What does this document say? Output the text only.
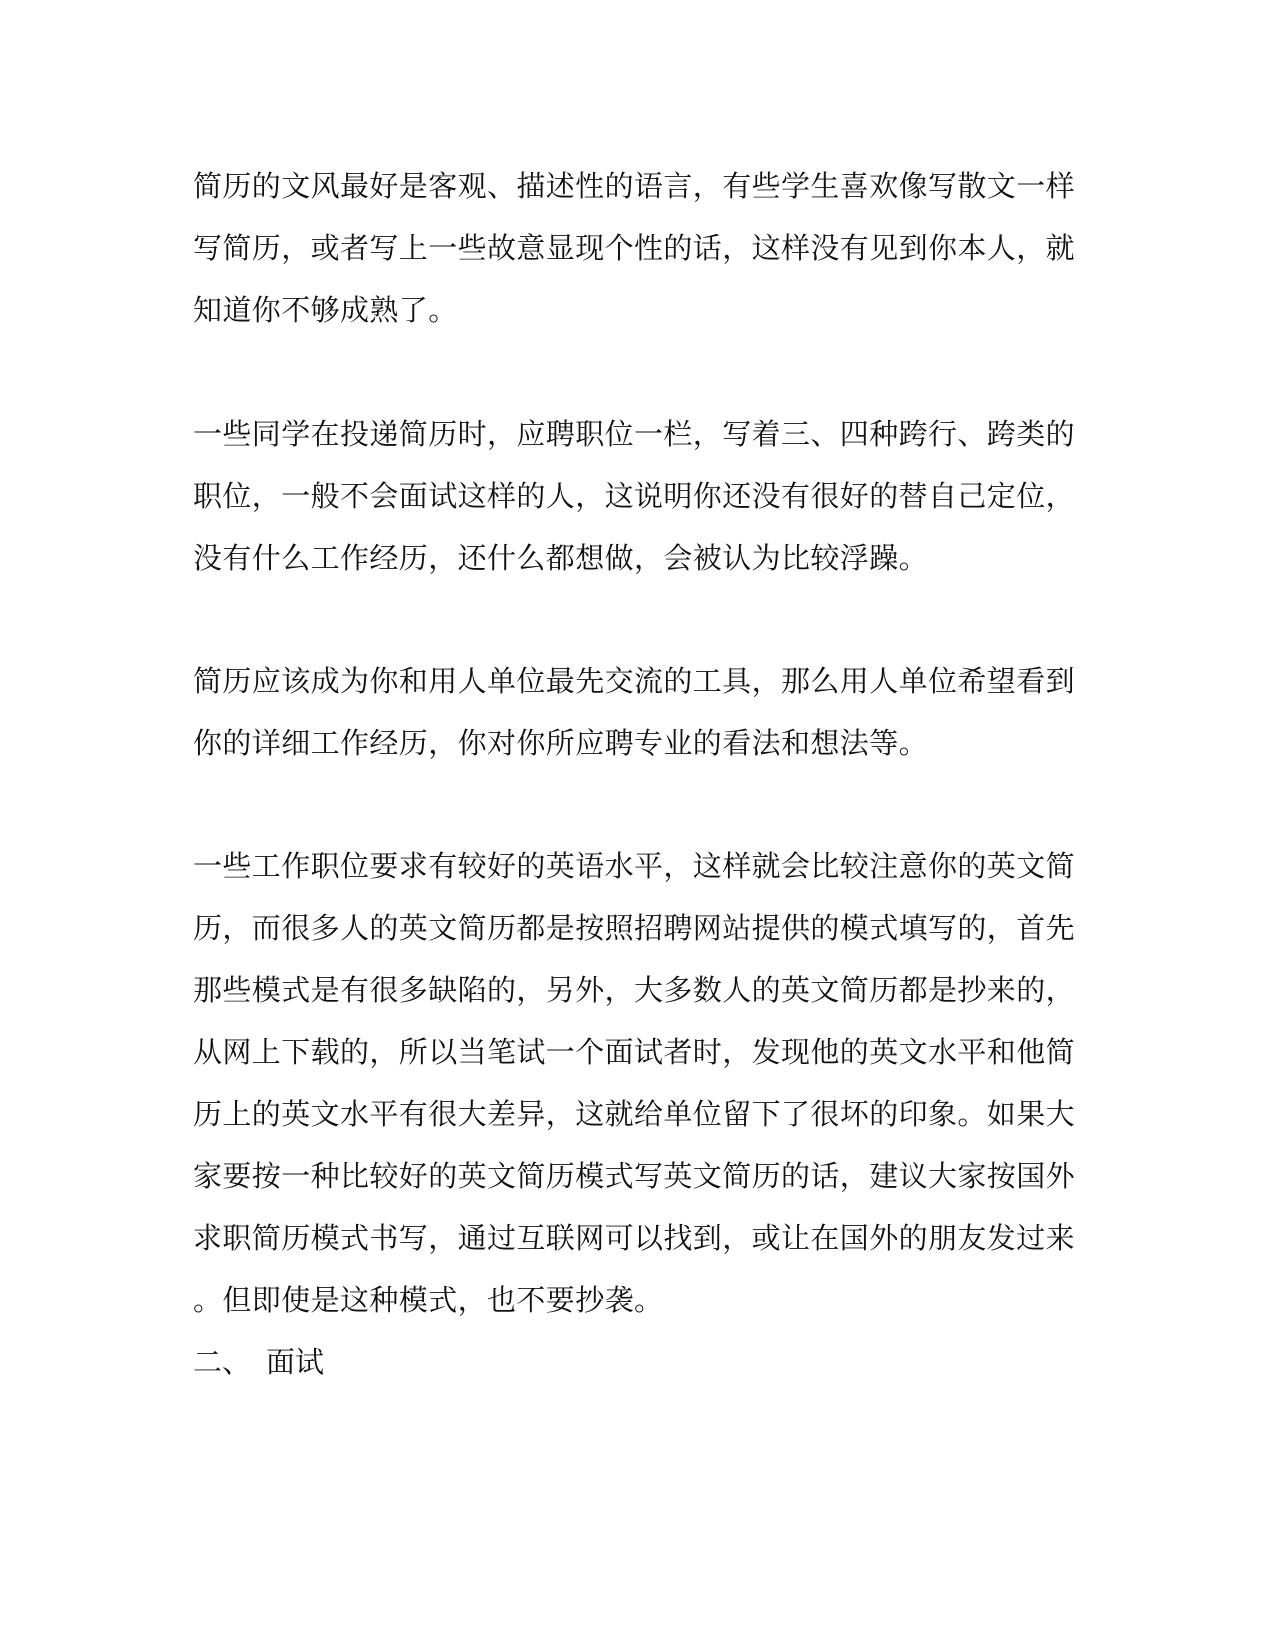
简历的文风最好是客观、描述性的语言，有些学生喜欢像写散文一样
写简历，或者写上一些故意显现个性的话，这样没有见到你本人，就
知道你不够成熟了。
一些同学在投递简历时，应聘职位一栏，写着三、四种跨行、跨类的
职位，一般不会面试这样的人，这说明你还没有很好的替自己定位，
没有什么工作经历，还什么都想做，会被认为比较浮躁。
简历应该成为你和用人单位最先交流的工具，那么用人单位希望看到
你的详细工作经历，你对你所应聘专业的看法和想法等。
一些工作职位要求有较好的英语水平，这样就会比较注意你的英文简
历，而很多人的英文简历都是按照招聘网站提供的模式填写的，首先
那些模式是有很多缺陷的，另外，大多数人的英文简历都是抄来的，
从网上下载的，所以当笔试一个面试者时，发现他的英文水平和他简
历上的英文水平有很大差异，这就给单位留下了很坏的印象。如果大
家要按一种比较好的英文简历模式写英文简历的话，建议大家按国外
求职简历模式书写，通过互联网可以找到，或让在国外的朋友发过来
。但即使是这种模式，也不要抄袭。
二、 面试
